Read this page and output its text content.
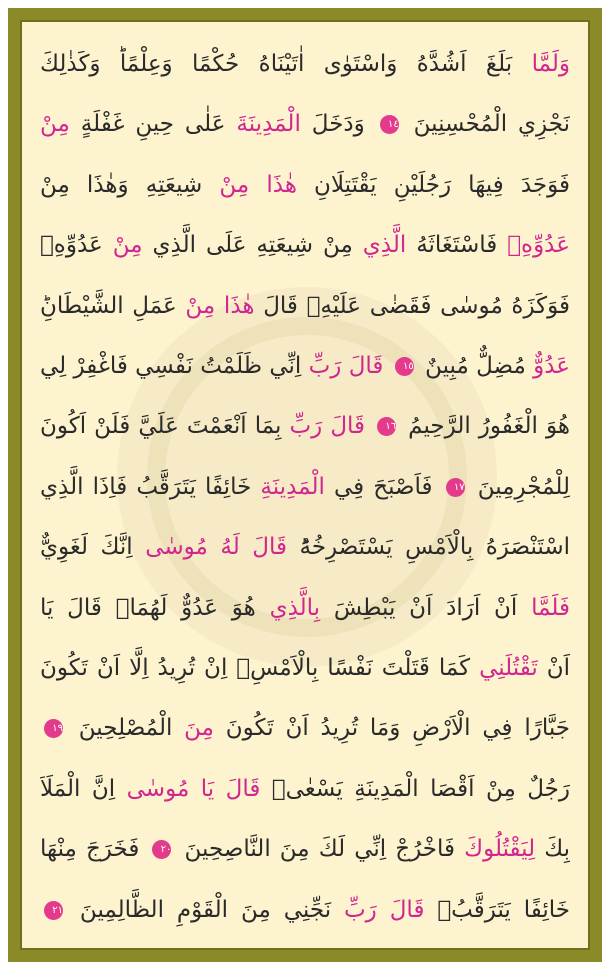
وَلَمَّا بَلَغَ اَشُدَّهُ وَاسْتَوٰى اٰتَيْنَاهُ حُكْمًا وَعِلْمًاؕ وَكَذٰلِكَ
نَجْزِي الْمُحْسِنِينَ ١٤ وَدَخَلَ الْمَدِينَةَ عَلٰى حِينِ غَفْلَةٍ مِنْ
فَوَجَدَ فِيهَا رَجُلَيْنِ يَقْتَتِلَانِ هٰذَا مِنْ شِيعَتِهِ وَهٰذَا مِنْ
عَدُوِّهِۚ فَاسْتَغَاثَهُ الَّذِي مِنْ شِيعَتِهِ عَلَى الَّذِي مِنْ عَدُوِّهِۙ
فَوَكَزَهُ مُوسٰى فَقَضٰى عَلَيْهِۘ قَالَ هٰذَا مِنْ عَمَلِ الشَّيْطَانِؕ
عَدُوٌّ مُضِلٌّ مُبِينٌ ١٥ قَالَ رَبِّ اِنِّي ظَلَمْتُ نَفْسِي فَاغْفِرْ لِي
هُوَ الْغَفُورُ الرَّحِيمُ ١٦ قَالَ رَبِّ بِمَا اَنْعَمْتَ عَلَيَّ فَلَنْ اَكُونَ
لِلْمُجْرِمِينَ ١٧ فَاَصْبَحَ فِي الْمَدِينَةِ خَائِفًا يَتَرَقَّبُ فَاِذَا الَّذِي
اسْتَنْصَرَهُ بِالْاَمْسِ يَسْتَصْرِخُهُؕ قَالَ لَهُ مُوسٰى اِنَّكَ لَغَوِيٌّ
فَلَمَّا اَنْ اَرَادَ اَنْ يَبْطِشَ بِالَّذِي هُوَ عَدُوٌّ لَهُمَاۙ قَالَ يَا
اَنْ تَقْتُلَنِي كَمَا قَتَلْتَ نَفْسًا بِالْاَمْسِۗ اِنْ تُرِيدُ اِلَّا اَنْ تَكُونَ
جَبَّارًا فِي الْاَرْضِ وَمَا تُرِيدُ اَنْ تَكُونَ مِنَ الْمُصْلِحِينَ ١٩
رَجُلٌ مِنْ اَقْصَا الْمَدِينَةِ يَسْعٰىۘ قَالَ يَا مُوسٰى اِنَّ الْمَلَاَ
بِكَ لِيَقْتُلُوكَ فَاخْرُجْ اِنِّي لَكَ مِنَ النَّاصِحِينَ ٢٠ فَخَرَجَ مِنْهَا
خَائِفًا يَتَرَقَّبُؗ قَالَ رَبِّ نَجِّنِي مِنَ الْقَوْمِ الظَّالِمِينَ ٢١
